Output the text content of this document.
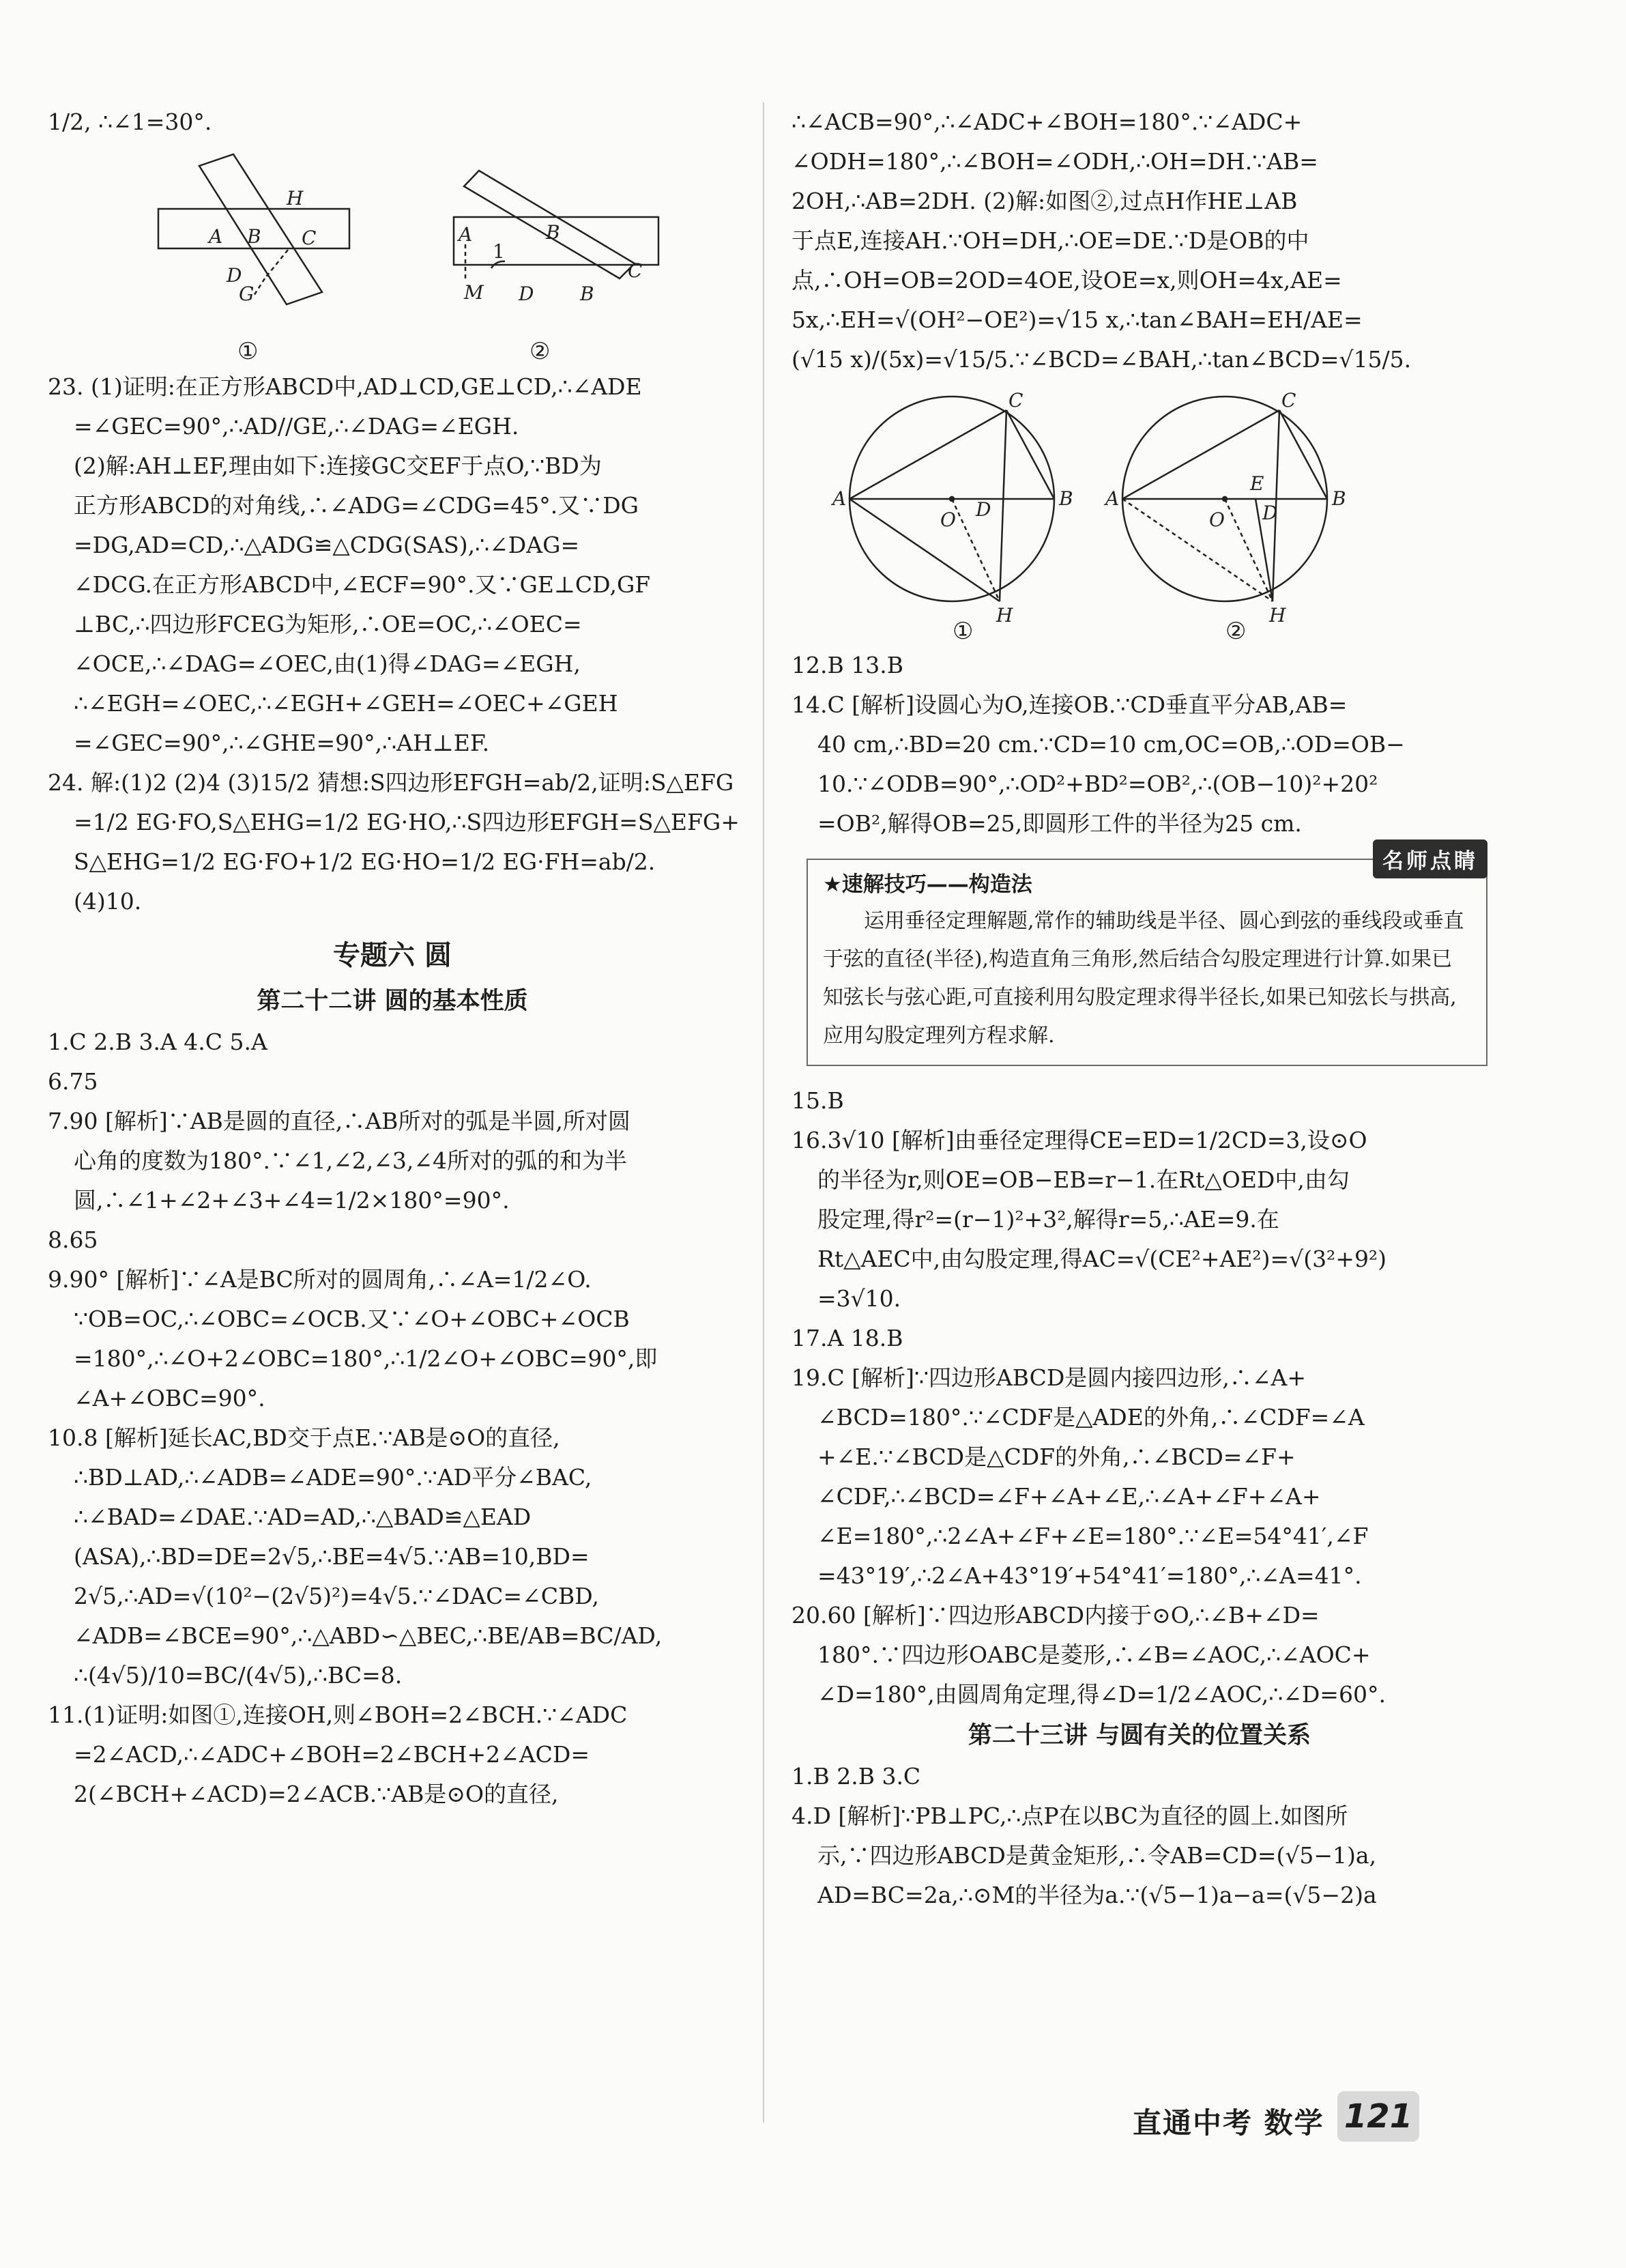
1/2, ∴∠1=30°.
H
A B C
D
G
①
A	B
1
C
M D B
②
23. (1)证明:在正方形ABCD中,AD⊥CD,GE⊥CD,∴∠ADE
=∠GEC=90°,∴AD//GE,∴∠DAG=∠EGH.
(2)解:AH⊥EF,理由如下:连接GC交EF于点O,∵BD为
正方形ABCD的对角线,∴∠ADG=∠CDG=45°.又∵DG
=DG,AD=CD,∴△ADG≌△CDG(SAS),∴∠DAG=
∠DCG.在正方形ABCD中,∠ECF=90°.又∵GE⊥CD,GF
⊥BC,∴四边形FCEG为矩形,∴OE=OC,∴∠OEC=
∠OCE,∴∠DAG=∠OEC,由(1)得∠DAG=∠EGH,
∴∠EGH=∠OEC,∴∠EGH+∠GEH=∠OEC+∠GEH
=∠GEC=90°,∴∠GHE=90°,∴AH⊥EF.
24. 解:(1)2 (2)4 (3)15/2 猜想:S四边形EFGH=ab/2,证明:S△EFG
=1/2 EG·FO,S△EHG=1/2 EG·HO,∴S四边形EFGH=S△EFG+
S△EHG=1/2 EG·FO+1/2 EG·HO=1/2 EG·FH=ab/2.
(4)10.
专题六 圆
第二十二讲 圆的基本性质
1.C 2.B 3.A 4.C 5.A
6.75
7.90 [解析]∵AB是圆的直径,∴AB所对的弧是半圆,所对圆
心角的度数为180°.∵∠1,∠2,∠3,∠4所对的弧的和为半
圆,∴∠1+∠2+∠3+∠4=1/2×180°=90°.
8.65
9.90° [解析]∵∠A是BC所对的圆周角,∴∠A=1/2∠O.
∵OB=OC,∴∠OBC=∠OCB.又∵∠O+∠OBC+∠OCB
=180°,∴∠O+2∠OBC=180°,∴1/2∠O+∠OBC=90°,即
∠A+∠OBC=90°.
10.8 [解析]延长AC,BD交于点E.∵AB是⊙O的直径,
∴BD⊥AD,∴∠ADB=∠ADE=90°.∵AD平分∠BAC,
∴∠BAD=∠DAE.∵AD=AD,∴△BAD≌△EAD
(ASA),∴BD=DE=2√5,∴BE=4√5.∵AB=10,BD=
2√5,∴AD=√(10²−(2√5)²)=4√5.∵∠DAC=∠CBD,
∠ADB=∠BCE=90°,∴△ABD∽△BEC,∴BE/AB=BC/AD,
∴(4√5)/10=BC/(4√5),∴BC=8.
11.(1)证明:如图①,连接OH,则∠BOH=2∠BCH.∵∠ADC
=2∠ACD,∴∠ADC+∠BOH=2∠BCH+2∠ACD=
2(∠BCH+∠ACD)=2∠ACB.∵AB是⊙O的直径,
∴∠ACB=90°,∴∠ADC+∠BOH=180°.∵∠ADC+
∠ODH=180°,∴∠BOH=∠ODH,∴OH=DH.∵AB=
2OH,∴AB=2DH. (2)解:如图②,过点H作HE⊥AB
于点E,连接AH.∵OH=DH,∴OE=DE.∵D是OB的中
点,∴OH=OB=2OD=4OE,设OE=x,则OH=4x,AE=
5x,∴EH=√(OH²−OE²)=√15 x,∴tan∠BAH=EH/AE=
(√15 x)/(5x)=√15/5.∵∠BCD=∠BAH,∴tan∠BCD=√15/5.
A	B
C
O D
H
①
A	B
C
E
O D
H
②
12.B 13.B
14.C [解析]设圆心为O,连接OB.∵CD垂直平分AB,AB=
40 cm,∴BD=20 cm.∵CD=10 cm,OC=OB,∴OD=OB−
10.∵∠ODB=90°,∴OD²+BD²=OB²,∴(OB−10)²+20²
=OB²,解得OB=25,即圆形工件的半径为25 cm.
名师点睛
★速解技巧——构造法
运用垂径定理解题,常作的辅助线是半径、圆心到弦的垂线段或垂直于弦的直径(半径),构造直角三角形,然后结合勾股定理进行计算.如果已知弦长与弦心距,可直接利用勾股定理求得半径长,如果已知弦长与拱高,应用勾股定理列方程求解.
15.B
16.3√10 [解析]由垂径定理得CE=ED=1/2CD=3,设⊙O
的半径为r,则OE=OB−EB=r−1.在Rt△OED中,由勾
股定理,得r²=(r−1)²+3²,解得r=5,∴AE=9.在
Rt△AEC中,由勾股定理,得AC=√(CE²+AE²)=√(3²+9²)
=3√10.
17.A 18.B
19.C [解析]∵四边形ABCD是圆内接四边形,∴∠A+
∠BCD=180°.∵∠CDF是△ADE的外角,∴∠CDF=∠A
+∠E.∵∠BCD是△CDF的外角,∴∠BCD=∠F+
∠CDF,∴∠BCD=∠F+∠A+∠E,∴∠A+∠F+∠A+
∠E=180°,∴2∠A+∠F+∠E=180°.∵∠E=54°41′,∠F
=43°19′,∴2∠A+43°19′+54°41′=180°,∴∠A=41°.
20.60 [解析]∵四边形ABCD内接于⊙O,∴∠B+∠D=
180°.∵四边形OABC是菱形,∴∠B=∠AOC,∴∠AOC+
∠D=180°,由圆周角定理,得∠D=1/2∠AOC,∴∠D=60°.
第二十三讲 与圆有关的位置关系
1.B 2.B 3.C
4.D [解析]∵PB⊥PC,∴点P在以BC为直径的圆上.如图所
示,∵四边形ABCD是黄金矩形,∴令AB=CD=(√5−1)a,
AD=BC=2a,∴⊙M的半径为a.∵(√5−1)a−a=(√5−2)a
直通中考 数学 121
